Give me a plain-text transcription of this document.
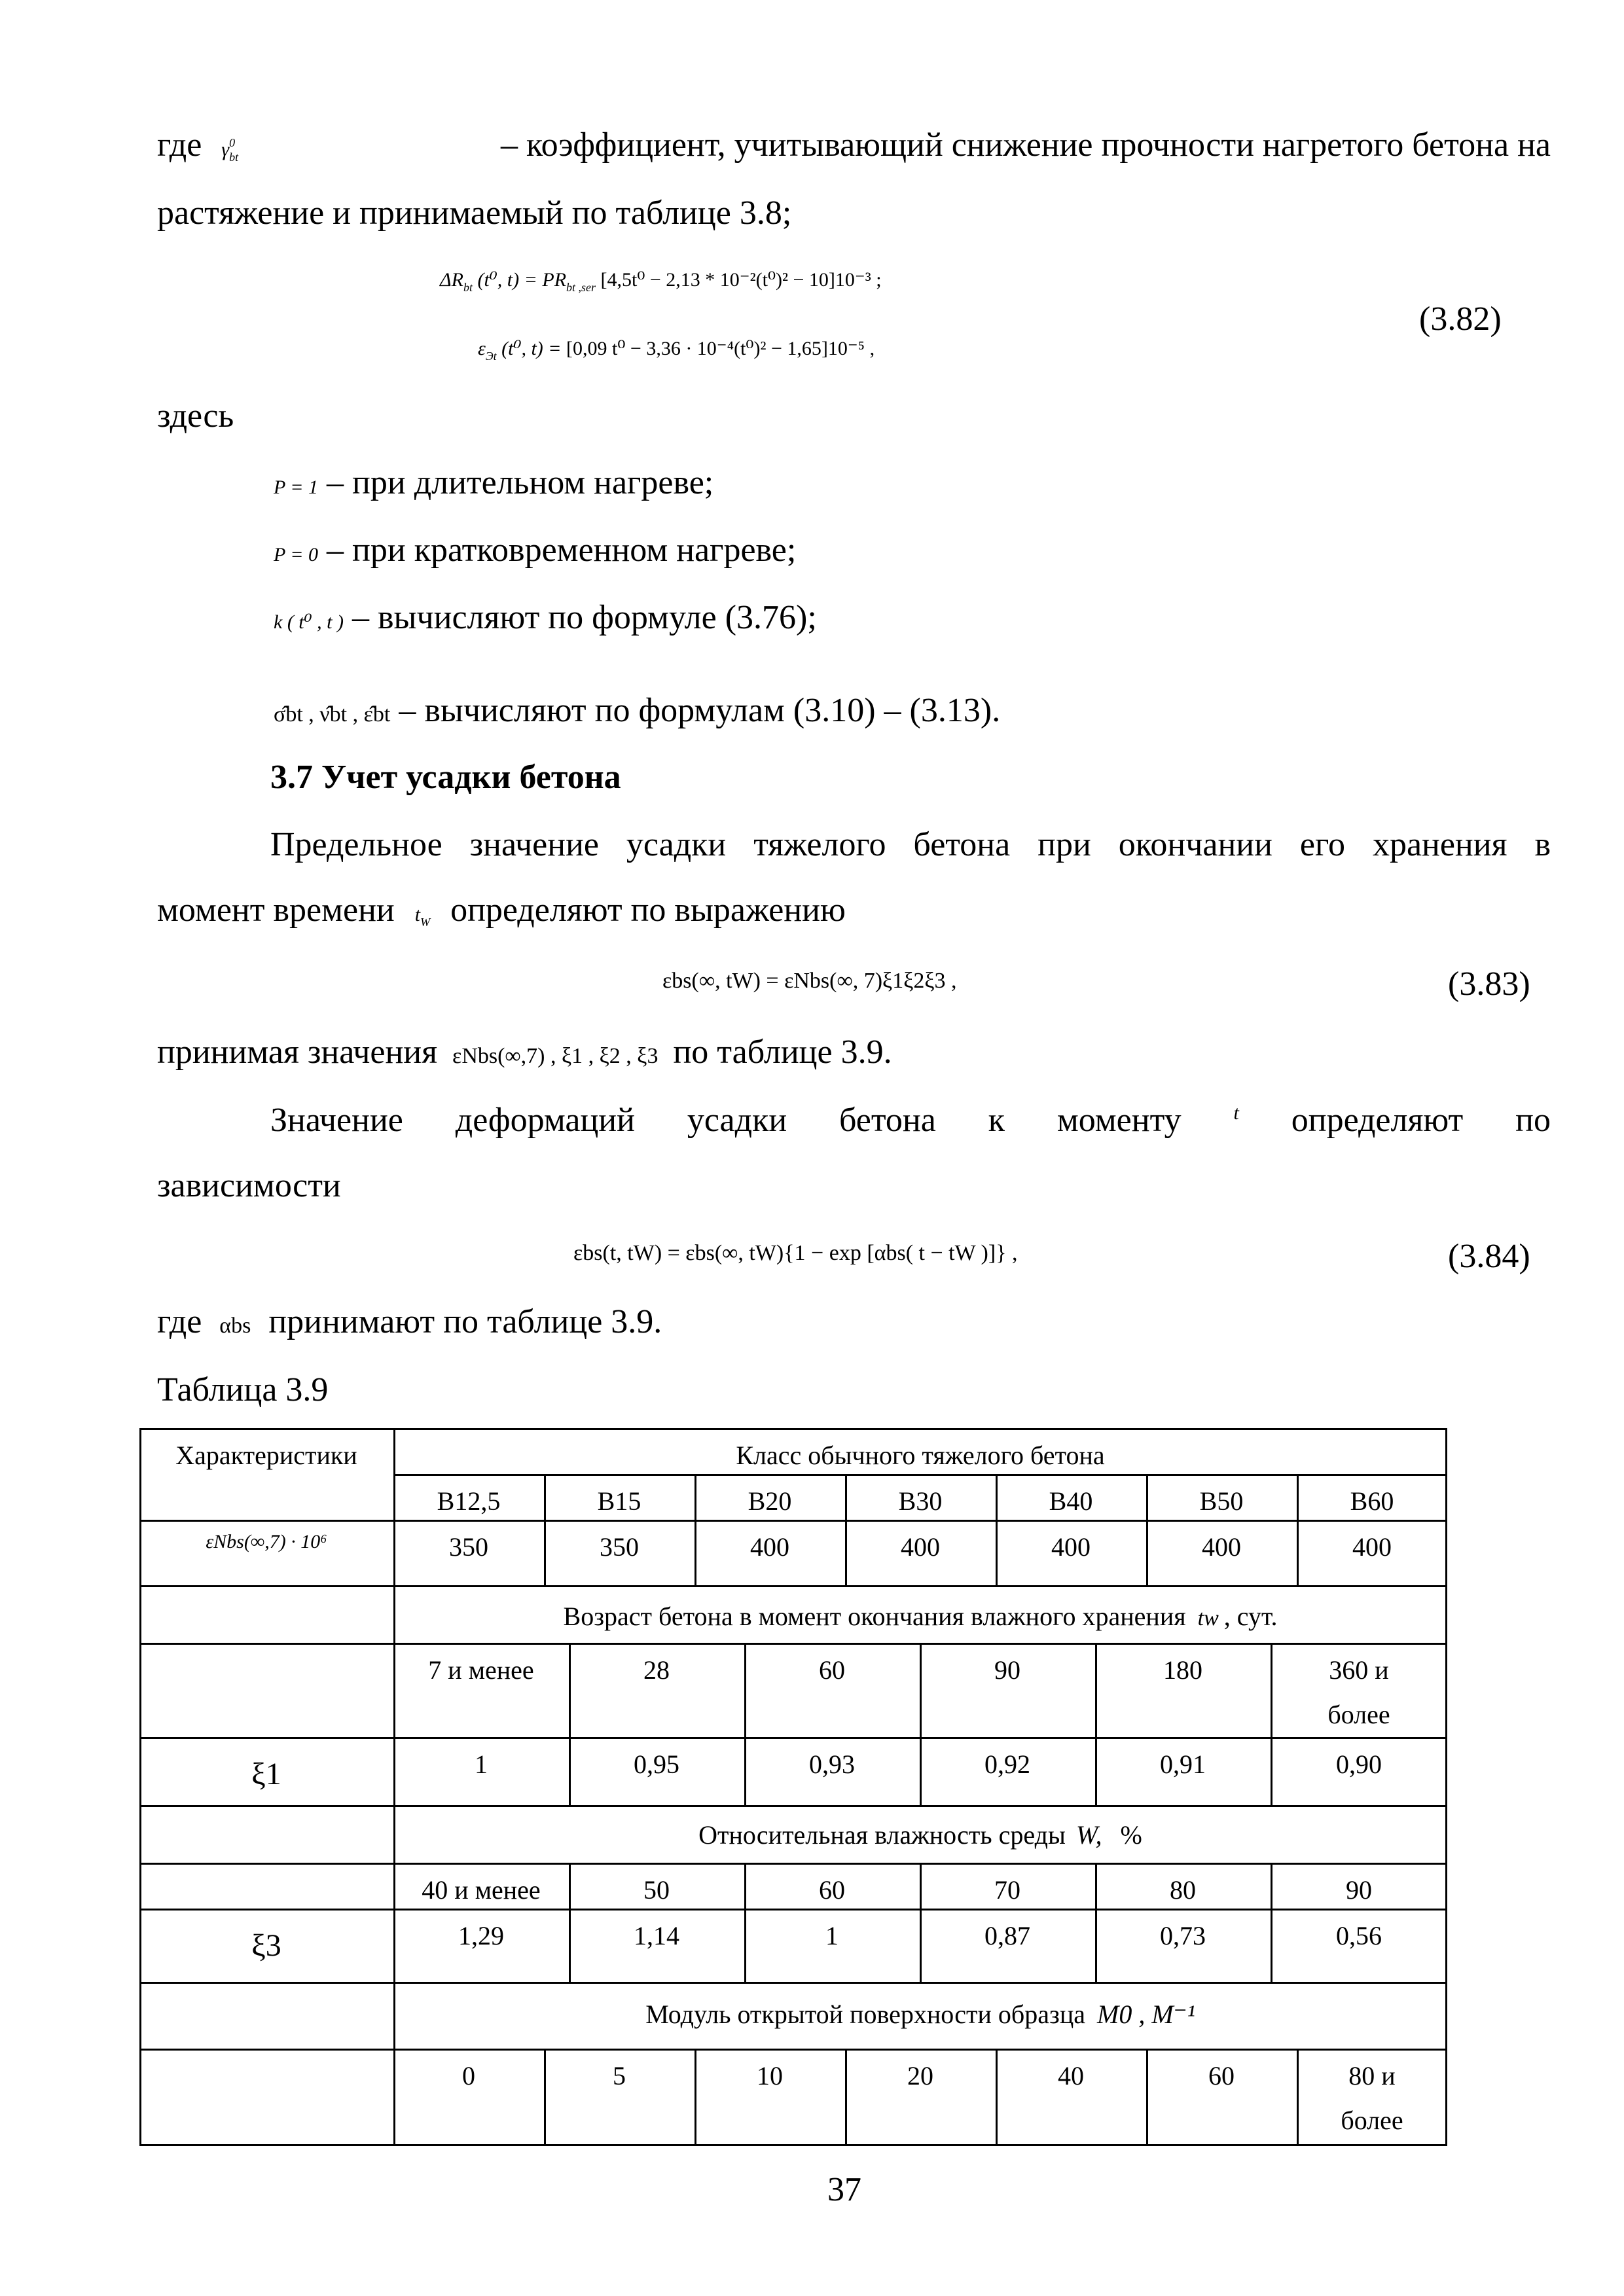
где $\gamma_{bt}^0$	– коэффициент, учитывающий снижение прочности нагретого бетона на
растяжение и принимаемый по таблице 3.8;
$\Delta R_{bt}$ (t⁰, $t) = PR_{bt ,ser}$ [4,5t⁰ − 2,13 * 10⁻²(t⁰)² − 10]10⁻³ ;
$\varepsilon_{Эt}$ (t⁰, t) = [0,09 t⁰ − 3,36 · 10⁻⁴(t⁰)² − 1,65]10⁻⁵ ,
(3.82)
здесь
P = 1 – при длительном нагреве;
P = 0 – при кратковременном нагреве;
k ( t⁰ , t ) – вычисляют по формуле (3.76);
σ̂bt , ν̂bt , ε̂bt – вычисляют по формулам (3.10) – (3.13).
3.7 Учет усадки бетона
Предельное значение усадки тяжелого бетона при окончании его хранения в
момент времени $t_W$ определяют по выражению
εbs(∞, tW) = εNbs(∞, 7)ξ1ξ2ξ3 ,	(3.83)
принимая значения εNbs(∞,7) , ξ1 , ξ2 , ξ3 по таблице 3.9.
Значение деформаций усадки бетона к моменту	t определяют по
зависимости
εbs(t, tW) = εbs(∞, tW){1 − exp [αbs( t − tW )]} ,	(3.84)
где αbs принимают по таблице 3.9.
Таблица 3.9
Характеристики	Класс обычного тяжелого бетона
B12,5	B15	B20	B30	B40	B50	B60
εNbs(∞,7) · 10⁶	350	350	400	400	400	400	400
Возраст бетона в момент окончания влажного хранения tw , сут.
7 и менее	28	60	90	180	360 и более
ξ1	1	0,95	0,93	0,92	0,91	0,90
Относительная влажность среды W, %
40 и менее	50	60	70	80	90
ξ3	1,29	1,14	1	0,87	0,73	0,56
Модуль открытой поверхности образца M0 , M⁻¹
0	5	10	20	40	60	80 и более
37
